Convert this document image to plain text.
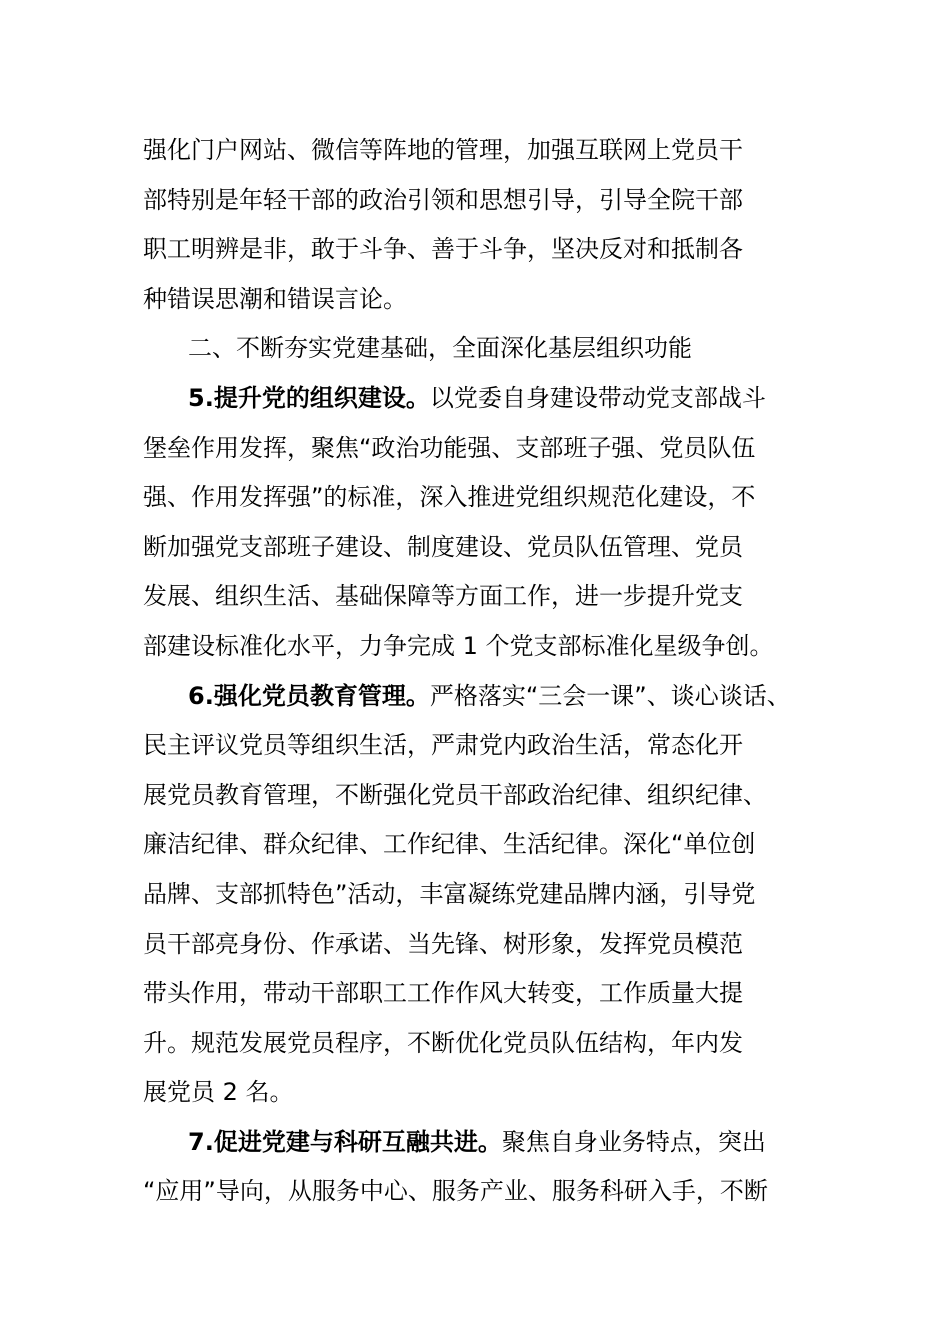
强化门户网站、微信等阵地的管理，加强互联网上党员干
部特别是年轻干部的政治引领和思想引导，引导全院干部
职工明辨是非，敢于斗争、善于斗争，坚决反对和抵制各
种错误思潮和错误言论。
二、不断夯实党建基础，全面深化基层组织功能
5.提升党的组织建设。以党委自身建设带动党支部战斗
堡垒作用发挥，聚焦“政治功能强、支部班子强、党员队伍
强、作用发挥强”的标准，深入推进党组织规范化建设，不
断加强党支部班子建设、制度建设、党员队伍管理、党员
发展、组织生活、基础保障等方面工作，进一步提升党支
部建设标准化水平，力争完成 1 个党支部标准化星级争创。
6.强化党员教育管理。严格落实“三会一课”、谈心谈话、
民主评议党员等组织生活，严肃党内政治生活，常态化开
展党员教育管理，不断强化党员干部政治纪律、组织纪律、
廉洁纪律、群众纪律、工作纪律、生活纪律。深化“单位创
品牌、支部抓特色”活动，丰富凝练党建品牌内涵，引导党
员干部亮身份、作承诺、当先锋、树形象，发挥党员模范
带头作用，带动干部职工工作作风大转变，工作质量大提
升。规范发展党员程序，不断优化党员队伍结构，年内发
展党员 2 名。
7.促进党建与科研互融共进。聚焦自身业务特点，突出
“应用”导向，从服务中心、服务产业、服务科研入手，不断
